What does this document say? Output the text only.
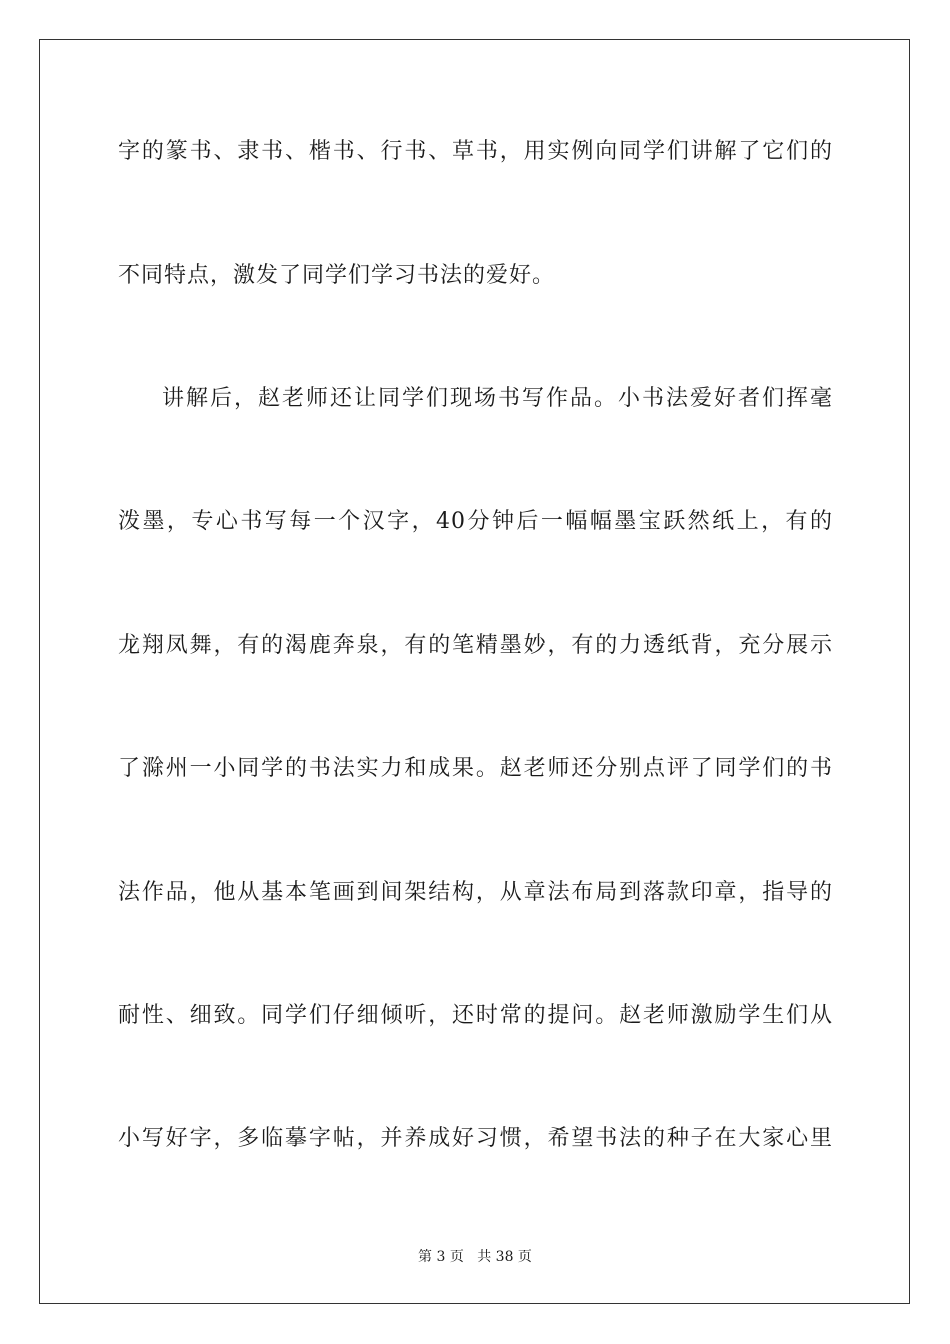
字的篆书、隶书、楷书、行书、草书，用实例向同学们讲解了它们的
不同特点，激发了同学们学习书法的爱好。
讲解后，赵老师还让同学们现场书写作品。小书法爱好者们挥毫
泼墨，专心书写每一个汉字，40分钟后一幅幅墨宝跃然纸上，有的
龙翔凤舞，有的渴鹿奔泉，有的笔精墨妙，有的力透纸背，充分展示
了滁州一小同学的书法实力和成果。赵老师还分别点评了同学们的书
法作品，他从基本笔画到间架结构，从章法布局到落款印章，指导的
耐性、细致。同学们仔细倾听，还时常的提问。赵老师激励学生们从
小写好字，多临摹字帖，并养成好习惯，希望书法的种子在大家心里
第 3 页 共 38 页
